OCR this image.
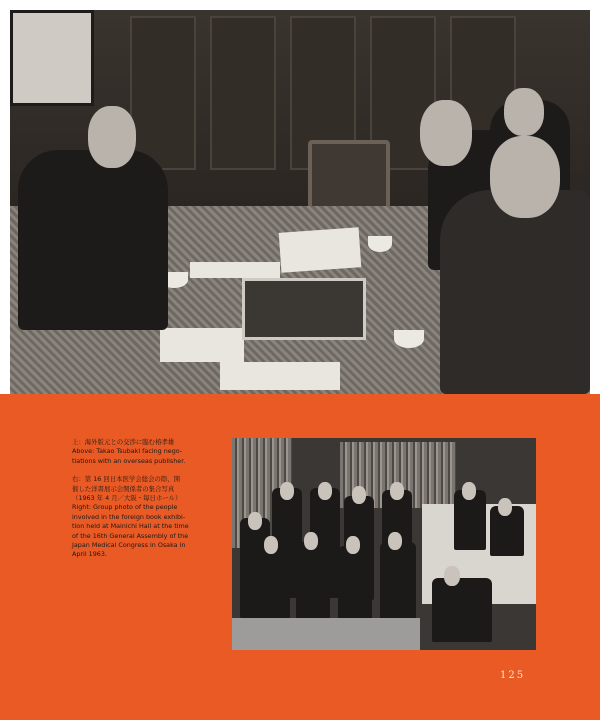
上：海外版元との交渉に臨む椿孝雄
Above: Takao Tsubaki facing nego-
tiations with an overseas publisher.
右：第 16 回日本医学会総会の際、開
催した洋書展示会関係者の集合写真
（1963 年 4 月／大阪・毎日ホール）
Right: Group photo of the people
involved in the foreign book exhibi-
tion held at Mainichi Hall at the time
of the 16th General Assembly of the
Japan Medical Congress in Osaka in
April 1963.
125
